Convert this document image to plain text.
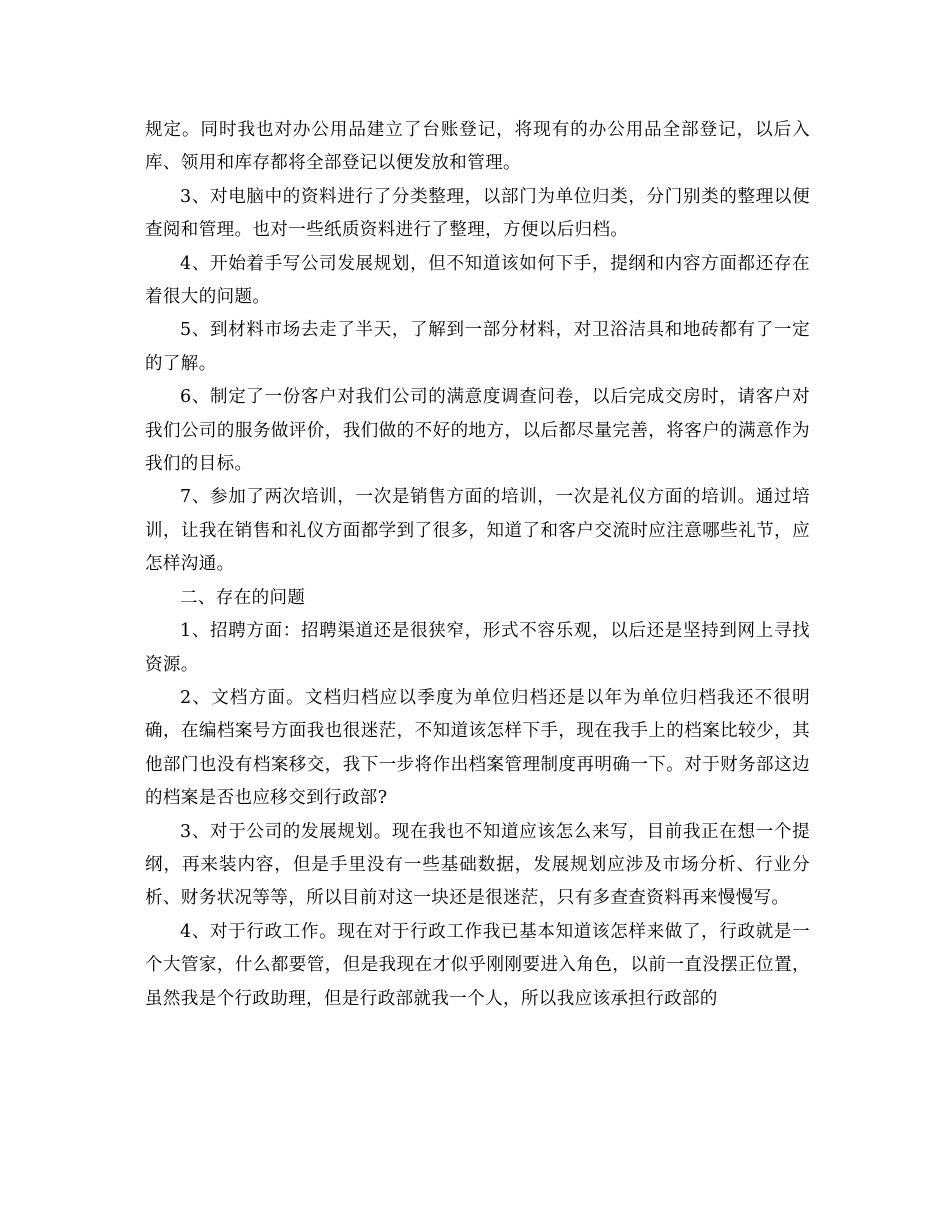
规定。同时我也对办公用品建立了台账登记，将现有的办公用品全部登记，以后入库、领用和库存都将全部登记以便发放和管理。

3、对电脑中的资料进行了分类整理，以部门为单位归类，分门别类的整理以便查阅和管理。也对一些纸质资料进行了整理，方便以后归档。

4、开始着手写公司发展规划，但不知道该如何下手，提纲和内容方面都还存在着很大的问题。

5、到材料市场去走了半天，了解到一部分材料，对卫浴洁具和地砖都有了一定的了解。

6、制定了一份客户对我们公司的满意度调查问卷，以后完成交房时，请客户对我们公司的服务做评价，我们做的不好的地方，以后都尽量完善，将客户的满意作为我们的目标。

7、参加了两次培训，一次是销售方面的培训，一次是礼仪方面的培训。通过培训，让我在销售和礼仪方面都学到了很多，知道了和客户交流时应注意哪些礼节，应怎样沟通。

二、存在的问题

1、招聘方面：招聘渠道还是很狭窄，形式不容乐观，以后还是坚持到网上寻找资源。

2、文档方面。文档归档应以季度为单位归档还是以年为单位归档我还不很明确，在编档案号方面我也很迷茫，不知道该怎样下手，现在我手上的档案比较少，其他部门也没有档案移交，我下一步将作出档案管理制度再明确一下。对于财务部这边的档案是否也应移交到行政部?

3、对于公司的发展规划。现在我也不知道应该怎么来写，目前我正在想一个提纲，再来装内容，但是手里没有一些基础数据，发展规划应涉及市场分析、行业分析、财务状况等等，所以目前对这一块还是很迷茫，只有多查查资料再来慢慢写。

4、对于行政工作。现在对于行政工作我已基本知道该怎样来做了，行政就是一个大管家，什么都要管，但是我现在才似乎刚刚要进入角色，以前一直没摆正位置，虽然我是个行政助理，但是行政部就我一个人，所以我应该承担行政部的
